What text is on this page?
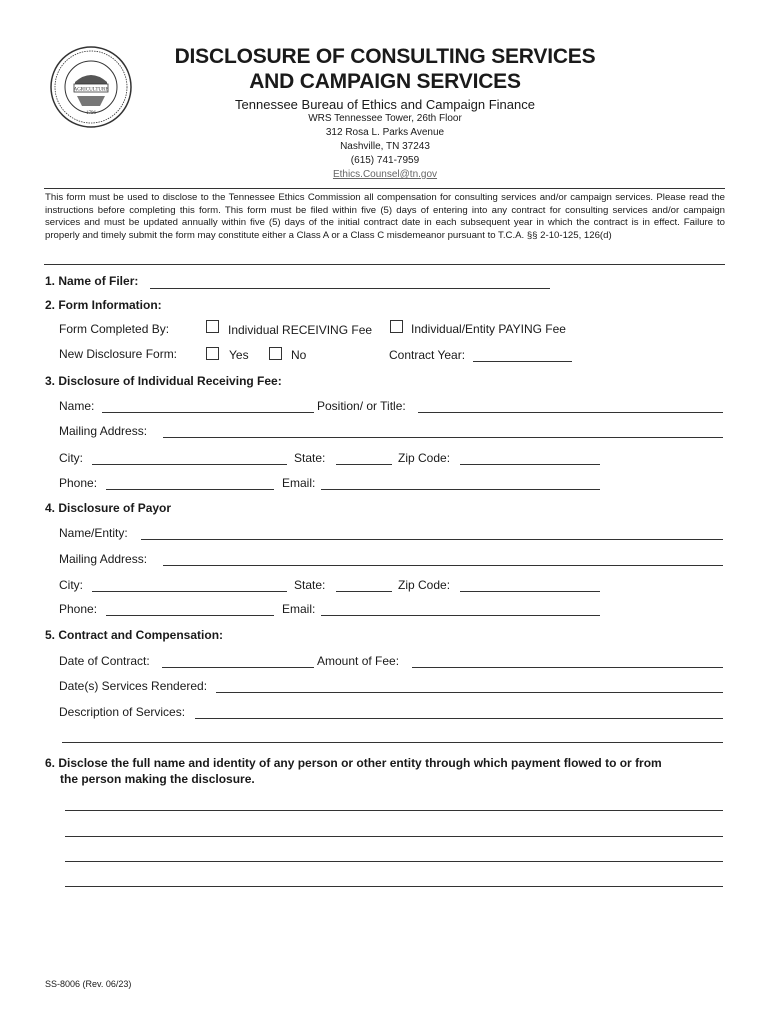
AGRICULTURE
1796
DISCLOSURE OF CONSULTING SERVICES
AND CAMPAIGN SERVICES
Tennessee Bureau of Ethics and Campaign Finance
WRS Tennessee Tower, 26th Floor
312 Rosa L. Parks Avenue
Nashville, TN 37243
(615) 741-7959
Ethics.Counsel@tn.gov
This form must be used to disclose to the Tennessee Ethics Commission all compensation for consulting services and/or campaign services. Please read the instructions before completing this form. This form must be filed within five (5) days of entering into any contract for consulting services and/or campaign services and must be updated annually within five (5) days of the initial contract date in each subsequent year in which the contract is in effect. Failure to properly and timely submit the form may constitute either a Class A or a Class C misdemeanor pursuant to T.C.A. §§ 2-10-125, 126(d)
1. Name of Filer:
2. Form Information:
Form Completed By:	Individual RECEIVING Fee	Individual/Entity PAYING Fee
New Disclosure Form:	Yes	No	Contract Year:
3. Disclosure of Individual Receiving Fee:
Name:	Position/ or Title:
Mailing Address:
City:	State:	Zip Code:
Phone:	Email:
4. Disclosure of Payor
Name/Entity:
Mailing Address:
City:	State:	Zip Code:
Phone:	Email:
5. Contract and Compensation:
Date of Contract:	Amount of Fee:
Date(s) Services Rendered:
Description of Services:
6. Disclose the full name and identity of any person or other entity through which payment flowed to or from
the person making the disclosure.
SS-8006 (Rev. 06/23)
